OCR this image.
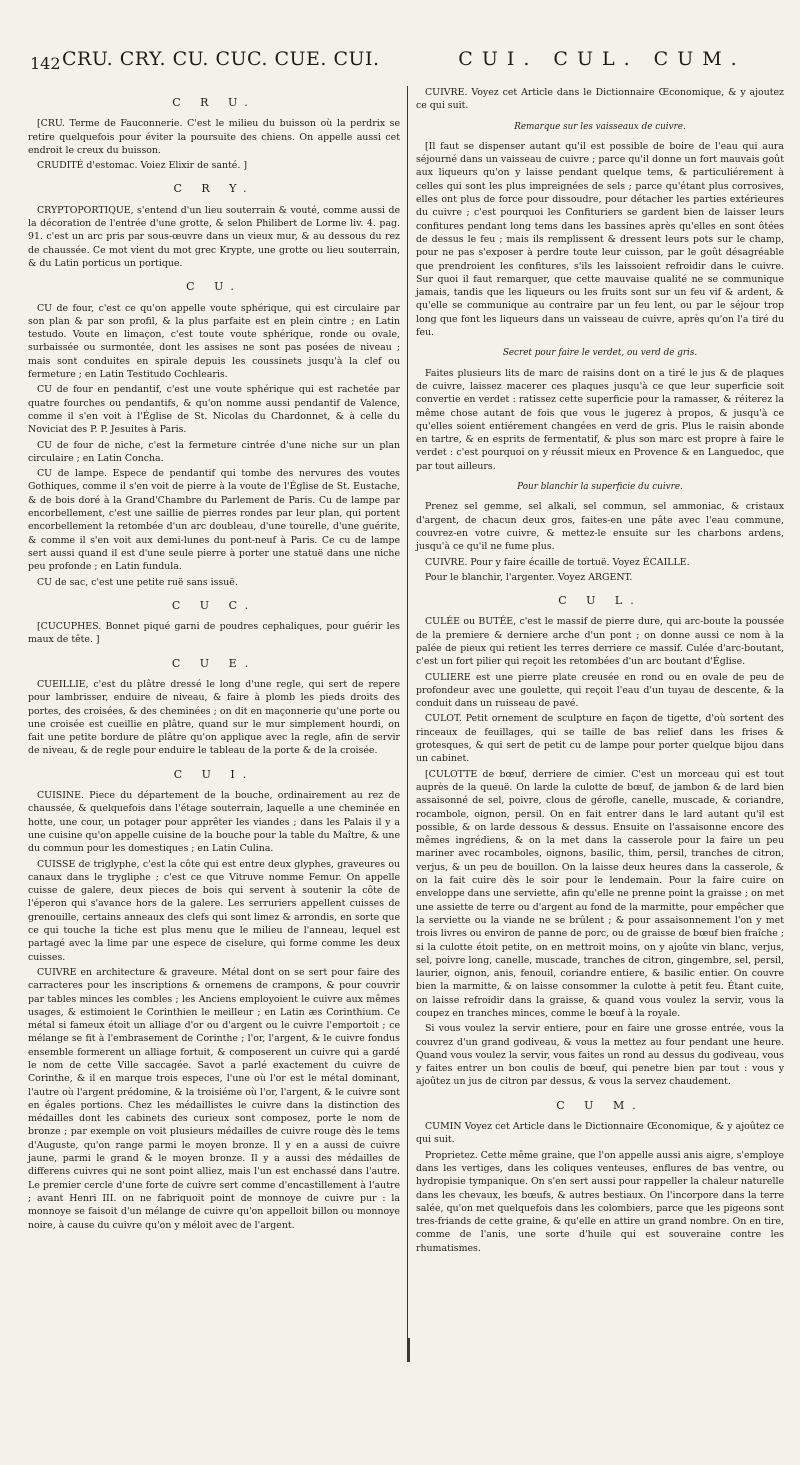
142 CRU. CRY. CU. CUC. CUE. CUI.	CUI. CUL. CUM.
C R U.

[CRU. Terme de Fauconnerie. C'est le milieu du buisson où la perdrix se retire quelquefois pour éviter la poursuite des chiens. On appelle aussi cet endroit le creux du buisson.

CRUDITÉ d'estomac. Voiez Elixir de santé. ]

C R Y.

CRYPTOPORTIQUE, s'entend d'un lieu souterrain & vouté, comme aussi de la décoration de l'entrée d'une grotte, & selon Philibert de Lorme liv. 4. pag. 91. c'est un arc pris par sous-œuvre dans un vieux mur, & au dessous du rez de chaussée. Ce mot vient du mot grec Krypte, une grotte ou lieu souterrain, & du Latin porticus un portique.

C U.

CU de four, c'est ce qu'on appelle voute sphérique, qui est circulaire par son plan & par son profil, & la plus parfaite est en plein cintre ; en Latin testudo. Voute en limaçon, c'est toute voute sphérique, ronde ou ovale, surbaissée ou surmontée, dont les assises ne sont pas posées de niveau ; mais sont conduites en spirale depuis les coussinets jusqu'à la clef ou fermeture ; en Latin Testitudo Cochlearis.

CU de four en pendantif, c'est une voute sphérique qui est rachetée par quatre fourches ou pendantifs, & qu'on nomme aussi pendantif de Valence, comme il s'en voit à l'Église de St. Nicolas du Chardonnet, & à celle du Noviciat des P. P. Jesuites à Paris.

CU de four de niche, c'est la fermeture cintrée d'une niche sur un plan circulaire ; en Latin Concha.

CU de lampe. Espece de pendantif qui tombe des nervures des voutes Gothiques, comme il s'en voit de pierre à la voute de l'Église de St. Eustache, & de bois doré à la Grand'Chambre du Parlement de Paris. Cu de lampe par encorbellement, c'est une saillie de pierres rondes par leur plan, qui portent encorbellement la retombée d'un arc doubleau, d'une tourelle, d'une guérite, & comme il s'en voit aux demi-lunes du pont-neuf à Paris. Ce cu de lampe sert aussi quand il est d'une seule pierre à porter une statuë dans une niche peu profonde ; en Latin fundula.

CU de sac, c'est une petite ruë sans issuë.

C U C.

[CUCUPHES. Bonnet piqué garni de poudres cephaliques, pour guérir les maux de tête. ]

C U E.

CUEILLIE, c'est du plâtre dressé le long d'une regle, qui sert de repere pour lambrisser, enduire de niveau, & faire à plomb les pieds droits des portes, des croisées, & des cheminées ; on dit en maçonnerie qu'une porte ou une croisée est cueillie en plâtre, quand sur le mur simplement hourdi, on fait une petite bordure de plâtre qu'on applique avec la regle, afin de servir de niveau, & de regle pour enduire le tableau de la porte & de la croisée.

C U I.

CUISINE. Piece du département de la bouche, ordinairement au rez de chaussée, & quelquefois dans l'étage souterrain, laquelle a une cheminée en hotte, une cour, un potager pour apprêter les viandes ; dans les Palais il y a une cuisine qu'on appelle cuisine de la bouche pour la table du Maître, & une du commun pour les domestiques ; en Latin Culina.

CUISSE de triglyphe, c'est la côte qui est entre deux glyphes, graveures ou canaux dans le trygliphe ; c'est ce que Vitruve nomme Femur. On appelle cuisse de galere, deux pieces de bois qui servent à soutenir la côte de l'éperon qui s'avance hors de la galere. Les serruriers appellent cuisses de grenouille, certains anneaux des clefs qui sont limez & arrondis, en sorte que ce qui touche la tiche est plus menu que le milieu de l'anneau, lequel est partagé avec la lime par une espece de ciselure, qui forme comme les deux cuisses.

CUIVRE en architecture & graveure. Métal dont on se sert pour faire des carracteres pour les inscriptions & ornemens de crampons, & pour couvrir par tables minces les combles ; les Anciens employoient le cuivre aux mêmes usages, & estimoient le Corinthien le meilleur ; en Latin æs Corinthium. Ce métal si fameux étoit un alliage d'or ou d'argent ou le cuivre l'emportoit ; ce mélange se fit à l'embrasement de Corinthe ; l'or, l'argent, & le cuivre fondus ensemble formerent un alliage fortuit, & composerent un cuivre qui a gardé le nom de cette Ville saccagée. Savot a parlé exactement du cuivre de Corinthe, & il en marque trois especes, l'une où l'or est le métal dominant, l'autre où l'argent prédomine, & la troisiéme où l'or, l'argent, & le cuivre sont en égales portions. Chez les médaillistes le cuivre dans la distinction des médailles dont les cabinets des curieux sont composez, porte le nom de bronze ; par exemple on voit plusieurs médailles de cuivre rouge dès le tems d'Auguste, qu'on range parmi le moyen bronze. Il y en a aussi de cuivre jaune, parmi le grand & le moyen bronze. Il y a aussi des médailles de differens cuivres qui ne sont point alliez, mais l'un est enchassé dans l'autre. Le premier cercle d'une forte de cuivre sert comme d'encastillement à l'autre ; avant Henri III. on ne fabriquoit point de monnoye de cuivre pur : la monnoye se faisoit d'un mélange de cuivre qu'on appelloit billon ou monnoye noire, à cause du cuivre qu'on y méloit avec de l'argent.

CUIVRE. Voyez cet Article dans le Dictionnaire Œconomique, & y ajoutez ce qui suit.

Remarque sur les vaisseaux de cuivre.

[Il faut se dispenser autant qu'il est possible de boire de l'eau qui aura séjourné dans un vaisseau de cuivre ; parce qu'il donne un fort mauvais goût aux liqueurs qu'on y laisse pendant quelque tems, & particuliérement à celles qui sont les plus impreignées de sels ; parce qu'étant plus corrosives, elles ont plus de force pour dissoudre, pour détacher les parties extérieures du cuivre ; c'est pourquoi les Confituriers se gardent bien de laisser leurs confitures pendant long tems dans les bassines après qu'elles en sont ôtées de dessus le feu ; mais ils remplissent & dressent leurs pots sur le champ, pour ne pas s'exposer à perdre toute leur cuisson, par le goût désagréable que prendroient les confitures, s'ils les laissoient refroidir dans le cuivre. Sur quoi il faut remarquer, que cette mauvaise qualité ne se communique jamais, tandis que les liqueurs ou les fruits sont sur un feu vif & ardent, & qu'elle se communique au contraire par un feu lent, ou par le séjour trop long que font les liqueurs dans un vaisseau de cuivre, après qu'on l'a tiré du feu.

Secret pour faire le verdet, ou verd de gris.

Faites plusieurs lits de marc de raisins dont on a tiré le jus & de plaques de cuivre, laissez macerer ces plaques jusqu'à ce que leur superficie soit convertie en verdet : ratissez cette superficie pour la ramasser, & réiterez la même chose autant de fois que vous le jugerez à propos, & jusqu'à ce qu'elles soient entiérement changées en verd de gris. Plus le raisin abonde en tartre, & en esprits de fermentatif, & plus son marc est propre à faire le verdet : c'est pourquoi on y réussit mieux en Provence & en Languedoc, que par tout ailleurs.

Pour blanchir la superficie du cuivre.

Prenez sel gemme, sel alkali, sel commun, sel ammoniac, & cristaux d'argent, de chacun deux gros, faites-en une pâte avec l'eau commune, couvrez-en votre cuivre, & mettez-le ensuite sur les charbons ardens, jusqu'à ce qu'il ne fume plus.

CUIVRE. Pour y faire écaille de tortuë. Voyez ÉCAILLE.

Pour le blanchir, l'argenter. Voyez ARGENT.

C U L.

CULÉE ou BUTÉE, c'est le massif de pierre dure, qui arc-boute la poussée de la premiere & derniere arche d'un pont ; on donne aussi ce nom à la palée de pieux qui retient les terres derriere ce massif. Culée d'arc-boutant, c'est un fort pilier qui reçoit les retombées d'un arc boutant d'Église.

CULIERE est une pierre plate creusée en rond ou en ovale de peu de profondeur avec une goulette, qui reçoit l'eau d'un tuyau de descente, & la conduit dans un ruisseau de pavé.

CULOT. Petit ornement de sculpture en façon de tigette, d'où sortent des rinceaux de feuillages, qui se taille de bas relief dans les frises & grotesques, & qui sert de petit cu de lampe pour porter quelque bijou dans un cabinet.

[CULOTTE de bœuf, derriere de cimier. C'est un morceau qui est tout auprès de la queuë. On larde la culotte de bœuf, de jambon & de lard bien assaisonné de sel, poivre, clous de gérofle, canelle, muscade, & coriandre, rocambole, oignon, persil. On en fait entrer dans le lard autant qu'il est possible, & on larde dessous & dessus. Ensuite on l'assaisonne encore des mêmes ingrédiens, & on la met dans la casserole pour la faire un peu mariner avec rocamboles, oignons, basilic, thim, persil, tranches de citron, verjus, & un peu de bouillon. On la laisse deux heures dans la casserole, & on la fait cuire dès le soir pour le lendemain. Pour la faire cuire on enveloppe dans une serviette, afin qu'elle ne prenne point la graisse ; on met une assiette de terre ou d'argent au fond de la marmitte, pour empêcher que la serviette ou la viande ne se brûlent ; & pour assaisonnement l'on y met trois livres ou environ de panne de porc, ou de graisse de bœuf bien fraîche ; si la culotte étoit petite, on en mettroit moins, on y ajoûte vin blanc, verjus, sel, poivre long, canelle, muscade, tranches de citron, gingembre, sel, persil, laurier, oignon, anis, fenouil, coriandre entiere, & basilic entier. On couvre bien la marmitte, & on laisse consommer la culotte à petit feu. Étant cuite, on laisse refroidir dans la graisse, & quand vous voulez la servir, vous la coupez en tranches minces, comme le bœuf à la royale.

Si vous voulez la servir entiere, pour en faire une grosse entrée, vous la couvrez d'un grand godiveau, & vous la mettez au four pendant une heure. Quand vous voulez la servir, vous faites un rond au dessus du godiveau, vous y faites entrer un bon coulis de bœuf, qui penetre bien par tout : vous y ajoûtez un jus de citron par dessus, & vous la servez chaudement.

C U M.

CUMIN Voyez cet Article dans le Dictionnaire Œconomique, & y ajoûtez ce qui suit.

Proprietez. Cette même graine, que l'on appelle aussi anis aigre, s'employe dans les vertiges, dans les coliques venteuses, enflures de bas ventre, ou hydropisie tympanique. On s'en sert aussi pour rappeller la chaleur naturelle dans les chevaux, les bœufs, & autres bestiaux. On l'incorpore dans la terre salée, qu'on met quelquefois dans les colombiers, parce que les pigeons sont tres-friands de cette graine, & qu'elle en attire un grand nombre. On en tire, comme de l'anis, une sorte d'huile qui est souveraine contre les rhumatismes.
